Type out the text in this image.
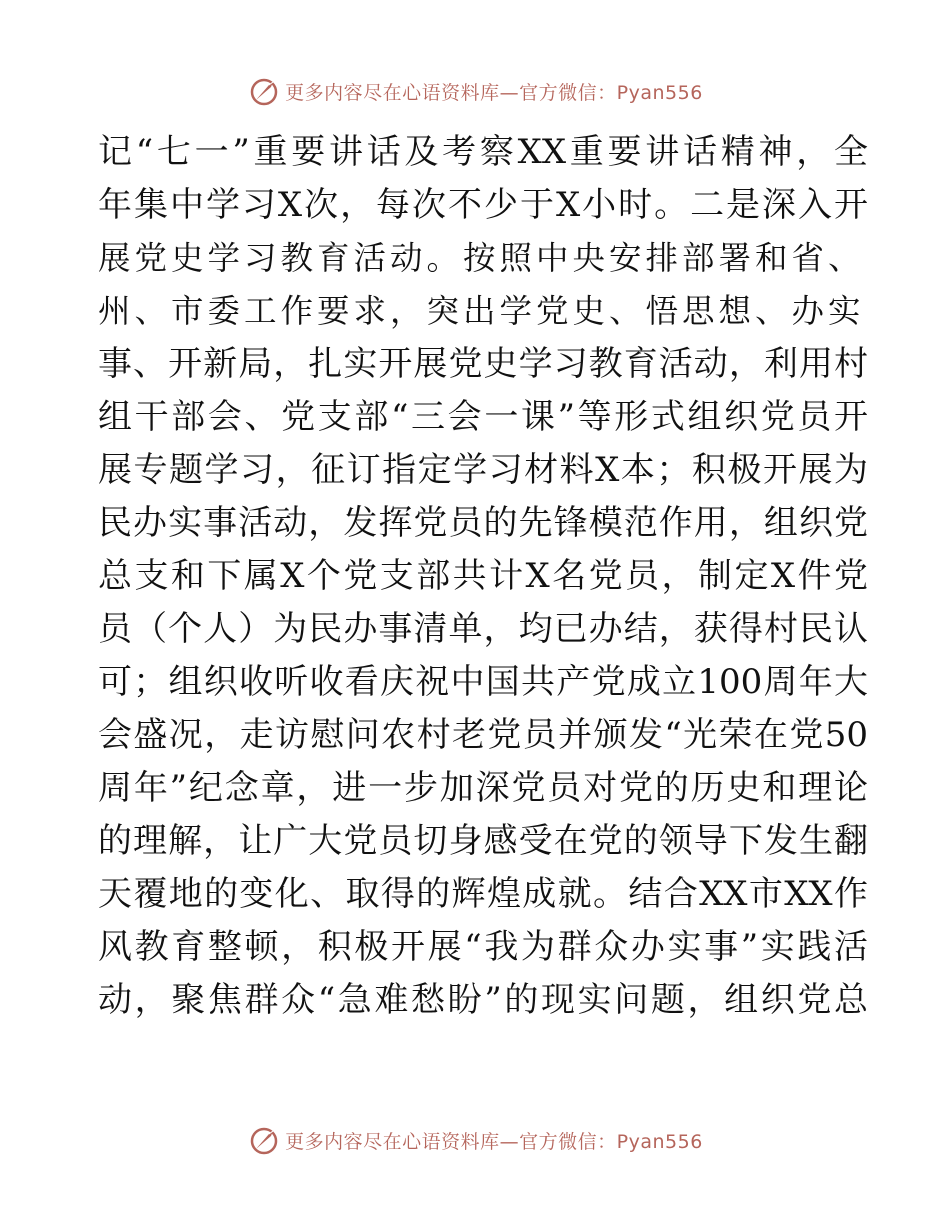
更多内容尽在心语资料库—官方微信：Pyan556
记“七一”重要讲话及考察XX重要讲话精神，全
年集中学习X次，每次不少于X小时。二是深入开
展党史学习教育活动。按照中央安排部署和省、
州、市委工作要求，突出学党史、悟思想、办实
事、开新局，扎实开展党史学习教育活动，利用村
组干部会、党支部“三会一课”等形式组织党员开
展专题学习，征订指定学习材料X本；积极开展为
民办实事活动，发挥党员的先锋模范作用，组织党
总支和下属X个党支部共计X名党员，制定X件党
员（个人）为民办事清单，均已办结，获得村民认
可；组织收听收看庆祝中国共产党成立100周年大
会盛况，走访慰问农村老党员并颁发“光荣在党50
周年”纪念章，进一步加深党员对党的历史和理论
的理解，让广大党员切身感受在党的领导下发生翻
天覆地的变化、取得的辉煌成就。结合XX市XX作
风教育整顿，积极开展“我为群众办实事”实践活
动，聚焦群众“急难愁盼”的现实问题，组织党总
更多内容尽在心语资料库—官方微信：Pyan556
